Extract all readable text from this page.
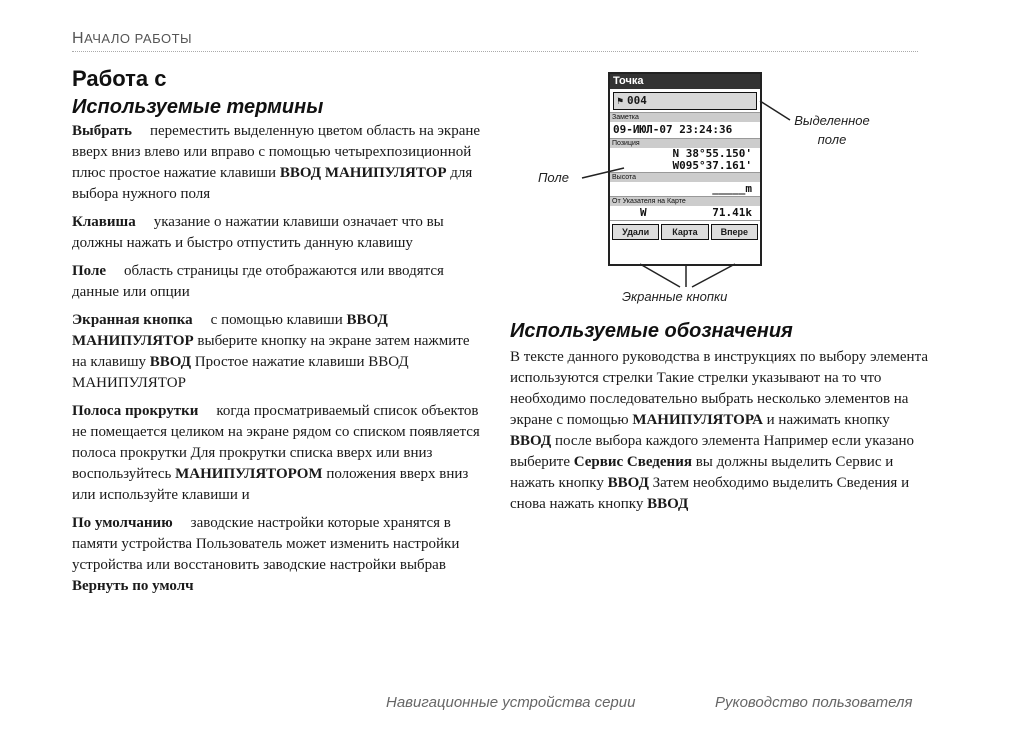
НАЧАЛО РАБОТЫ
Работа с
Используемые термины

Выбрать переместить выделенную цветом область на экране вверх вниз влево или вправо с помощью четырехпозиционной плюс простое нажатие клавиши ВВОД МАНИПУЛЯТОР для выбора нужного поля

Клавиша указание о нажатии клавиши означает что вы должны нажать и быстро отпустить данную клавишу

Поле область страницы где отображаются или вводятся данные или опции

Экранная кнопка с помощью клавиши ВВОД МАНИПУЛЯТОР выберите кнопку на экране затем нажмите на клавишу ВВОД Простое нажатие клавиши ВВОД МАНИПУЛЯТОР

Полоса прокрутки когда просматриваемый список объектов не помещается целиком на экране рядом со списком появляется полоса прокрутки Для прокрутки списка вверх или вниз воспользуйтесь МАНИПУЛЯТОРОМ положения вверх вниз или используйте клавиши и

По умолчанию заводские настройки которые хранятся в памяти устройства Пользователь может изменить настройки устройства или восстановить заводские настройки выбрав Вернуть по умолч

Точка
⚑ 004
Заметка
09-ИЮЛ-07 23:24:36
Позиция
N 38°55.150'
W095°37.161'
Высота
_____m
От Указателя на Карте
W	71.41k
Удали	Карта	Впере
Выделенное поле
Поле
Экранные кнопки
Используемые обозначения

В тексте данного руководства в инструкциях по выбору элемента используются стрелки Такие стрелки указывают на то что необходимо последовательно выбрать несколько элементов на экране с помощью МАНИПУЛЯТОРА и нажимать кнопку ВВОД после выбора каждого элемента Например если указано выберите Сервис Сведения вы должны выделить Сервис и нажать кнопку ВВОД Затем необходимо выделить Сведения и снова нажать кнопку ВВОД

Навигационные устройства серии	Руководство пользователя
